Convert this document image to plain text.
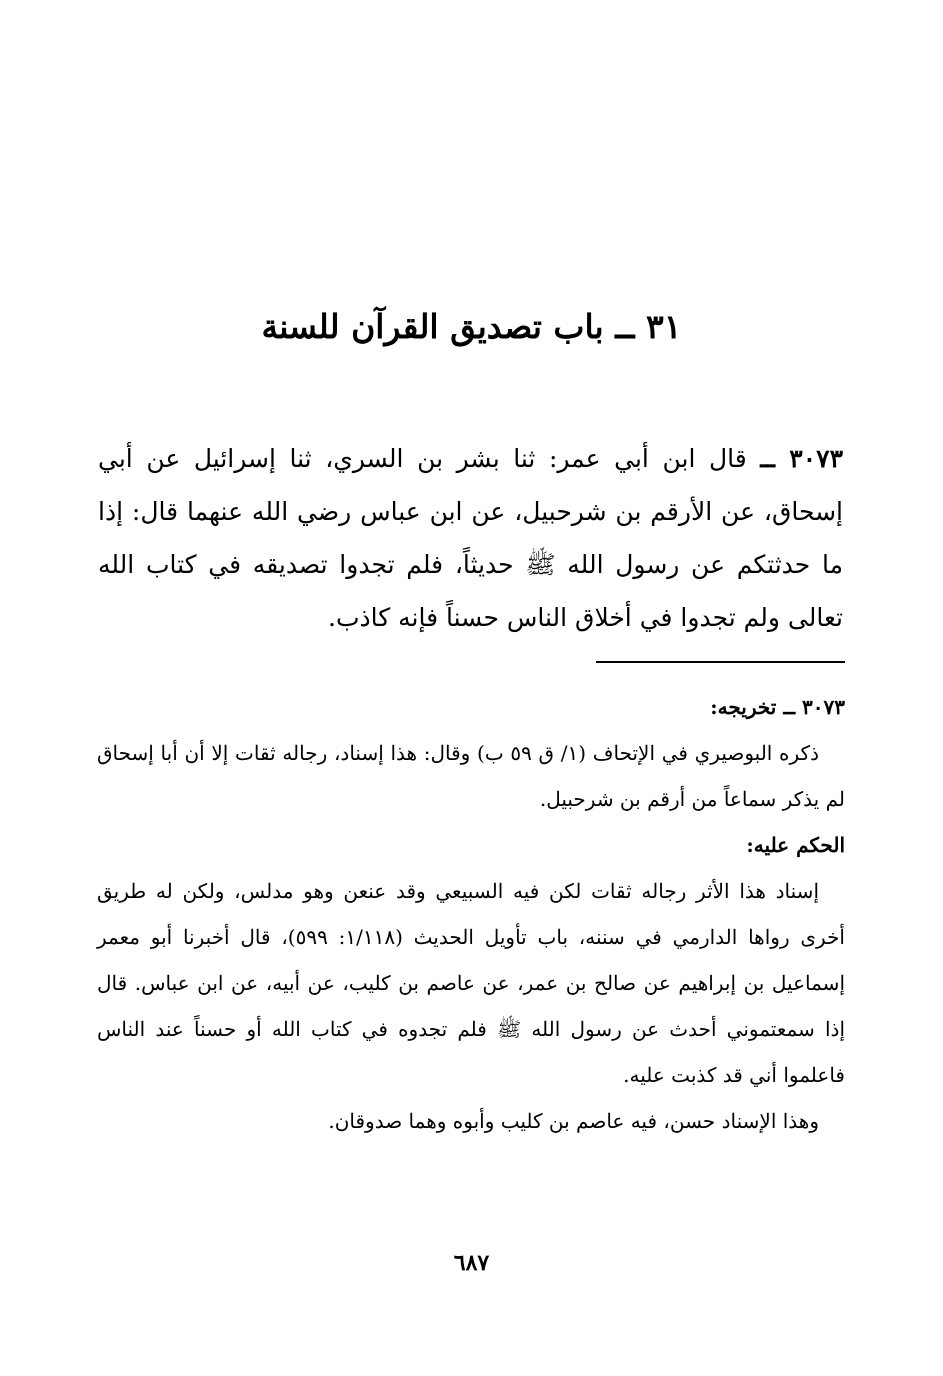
٣١ ــ باب تصديق القرآن للسنة

٣٠٧٣ ــ قال ابن أبي عمر: ثنا بشر بن السري، ثنا إسرائيل عن أبي إسحاق، عن الأرقم بن شرحبيل، عن ابن عباس رضي الله عنهما قال: إذا ما حدثتكم عن رسول الله ﷺ حديثاً، فلم تجدوا تصديقه في كتاب الله تعالى ولم تجدوا في أخلاق الناس حسناً فإنه كاذب.

٣٠٧٣ ــ تخريجه:

ذكره البوصيري في الإتحاف (١/ ق ٥٩ ب) وقال: هذا إسناد، رجاله ثقات إلا أن أبا إسحاق لم يذكر سماعاً من أرقم بن شرحبيل.

الحكم عليه:

إسناد هذا الأثر رجاله ثقات لكن فيه السبيعي وقد عنعن وهو مدلس، ولكن له طريق أخرى رواها الدارمي في سننه، باب تأويل الحديث (١/١١٨: ٥٩٩)، قال أخبرنا أبو معمر إسماعيل بن إبراهيم عن صالح بن عمر، عن عاصم بن كليب، عن أبيه، عن ابن عباس. قال إذا سمعتموني أحدث عن رسول الله ﷺ فلم تجدوه في كتاب الله أو حسناً عند الناس فاعلموا أني قد كذبت عليه.

وهذا الإسناد حسن، فيه عاصم بن كليب وأبوه وهما صدوقان.

٦٨٧
